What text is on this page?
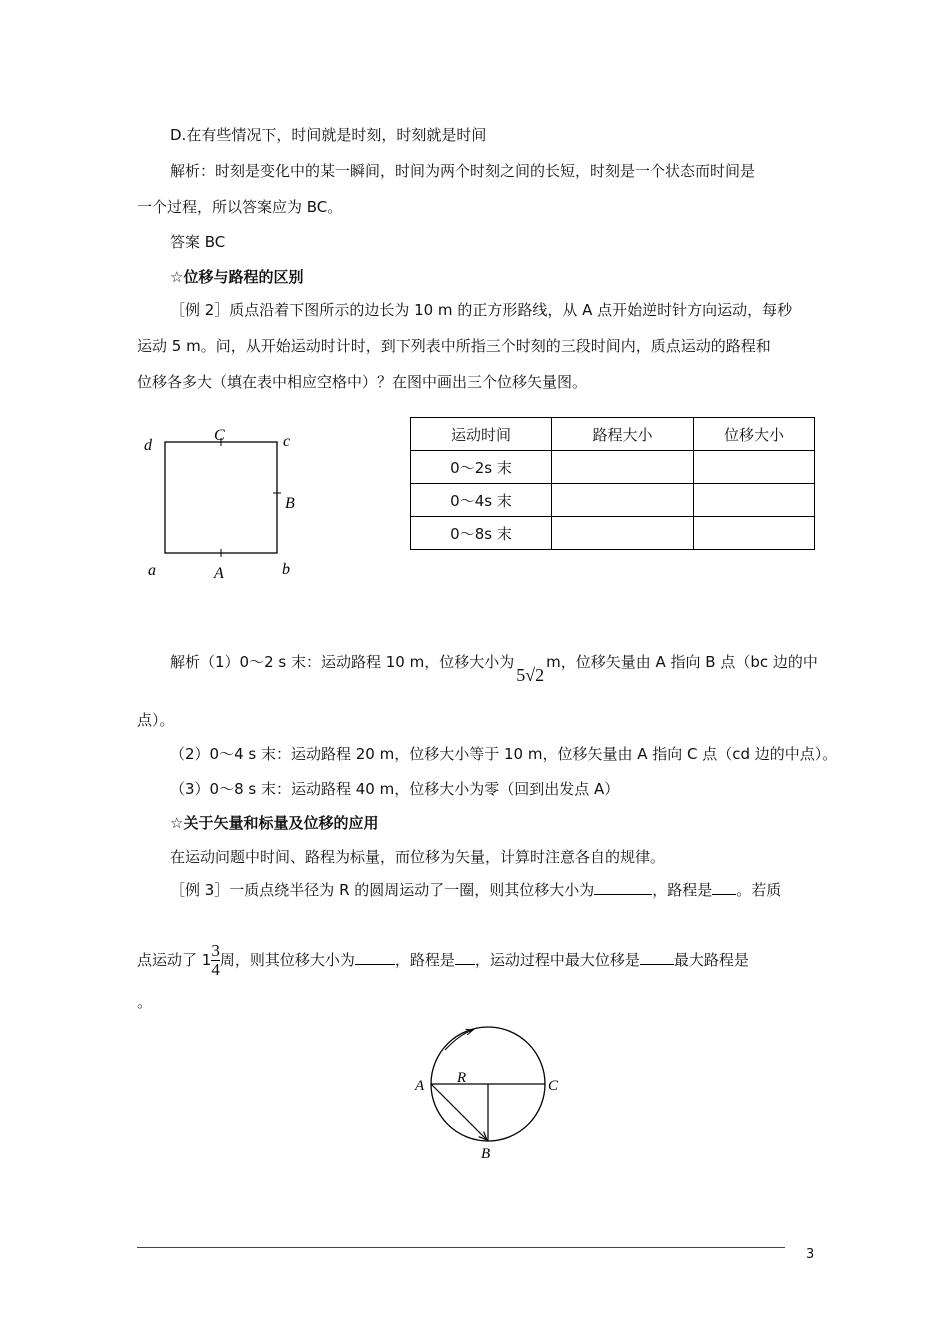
D.在有些情况下，时间就是时刻，时刻就是时间
解析：时刻是变化中的某一瞬间，时间为两个时刻之间的长短，时刻是一个状态而时间是
一个过程，所以答案应为 BC。
答案 BC
☆位移与路程的区别
［例 2］质点沿着下图所示的边长为 10 m 的正方形路线，从 A 点开始逆时针方向运动，每秒
运动 5 m。问，从开始运动时计时，到下列表中所指三个时刻的三段时间内，质点运动的路程和
位移各多大（填在表中相应空格中）？在图中画出三个位移矢量图。
d
C	c
B
a	A	b
运动时间	路程大小	位移大小
0～2s 末		
0～4s 末		
0～8s 末		
解析（1）0～2 s 末：运动路程 10 m，位移大小为5√2m，位移矢量由 A 指向 B 点（bc 边的中
点）。
（2）0～4 s 末：运动路程 20 m，位移大小等于 10 m，位移矢量由 A 指向 C 点（cd 边的中点）。
（3）0～8 s 末：运动路程 40 m，位移大小为零（回到出发点 A）
☆关于矢量和标量及位移的应用
在运动问题中时间、路程为标量，而位移为矢量，计算时注意各自的规律。
［例 3］一质点绕半径为 R 的圆周运动了一圈，则其位移大小为	，路程是 。若质
点运动了 $1 \frac{3}{4}$ 周，则其位移大小为	，路程是 ，运动过程中最大位移是 最大路程是
。
A R	C
B
3
